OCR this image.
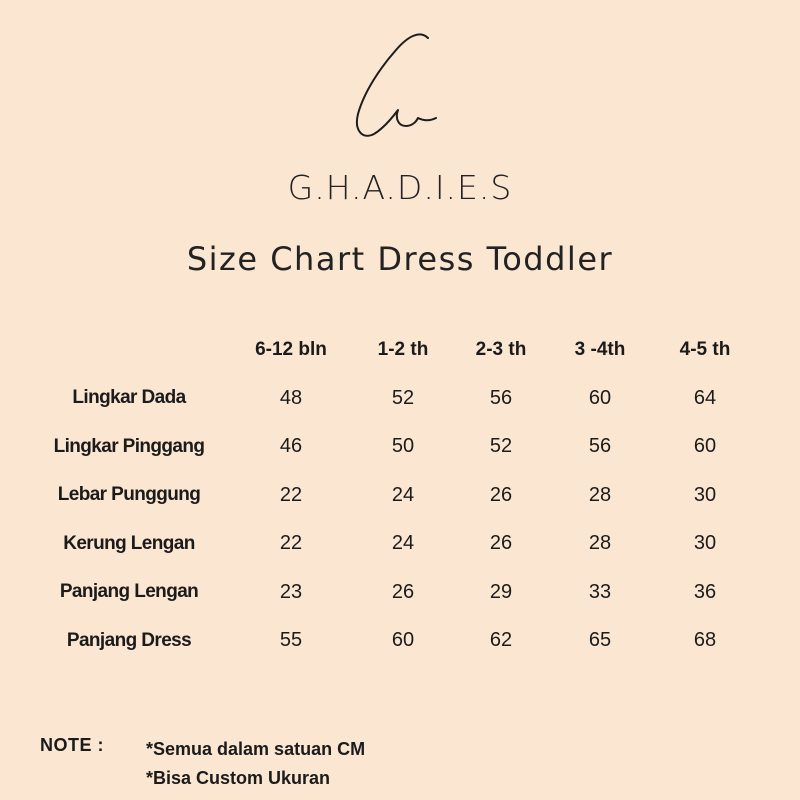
G.H.A.D.I.E.S
Size Chart Dress Toddler
	6-12 bln	1-2 th	2-3 th	3 -4th	4-5 th
Lingkar Dada	48	52	56	60	64
Lingkar Pinggang	46	50	52	56	60
Lebar Punggung	22	24	26	28	30
Kerung Lengan	22	24	26	28	30
Panjang Lengan	23	26	29	33	36
Panjang Dress	55	60	62	65	68
NOTE : *Semua dalam satuan CM
*Bisa Custom Ukuran
